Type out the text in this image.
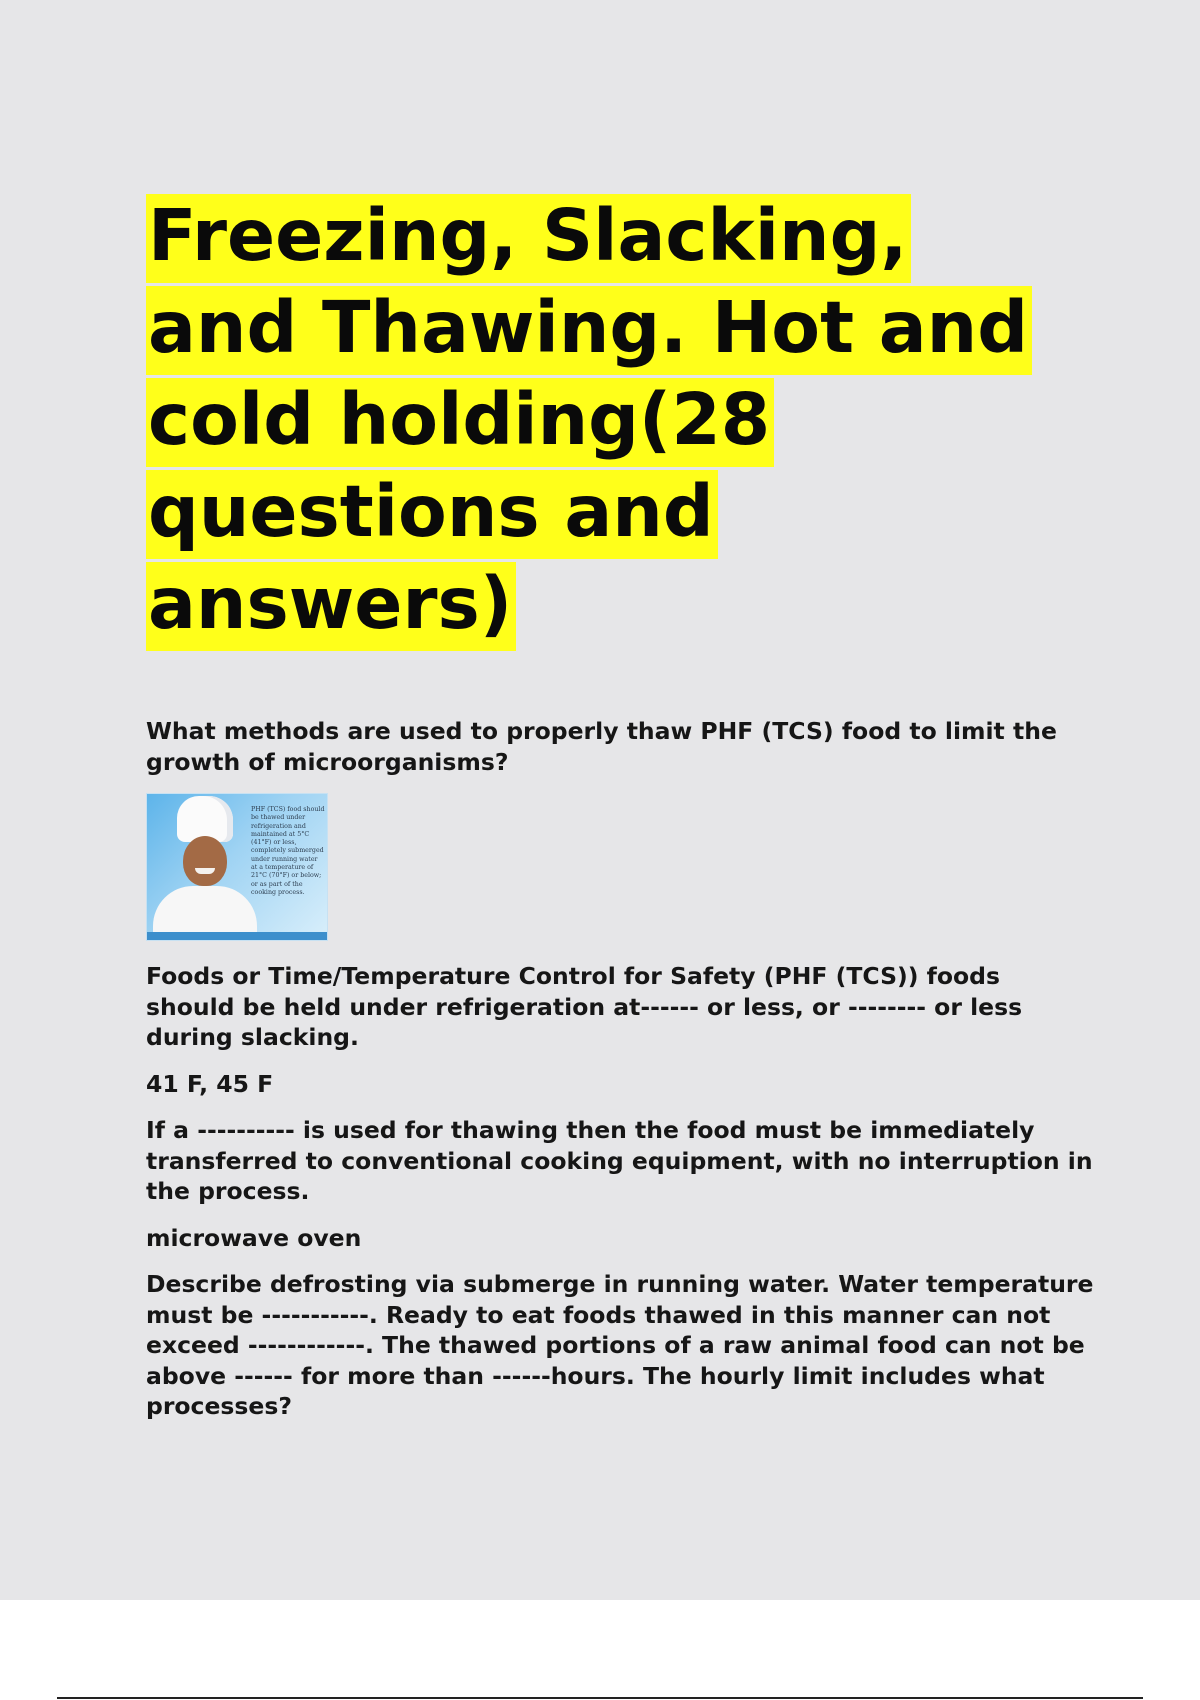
Freezing, Slacking,
and Thawing. Hot and
cold holding(28
questions and
answers)

What methods are used to properly thaw PHF (TCS) food to limit the growth of microorganisms?

PHF (TCS) food should be thawed under refrigeration and maintained at 5°C (41°F) or less, completely submerged under running water at a temperature of 21°C (70°F) or below; or as part of the cooking process.

Foods or Time/Temperature Control for Safety (PHF (TCS)) foods should be held under refrigeration at------ or less, or -------- or less during slacking.

41 F, 45 F

If a ---------- is used for thawing then the food must be immediately transferred to conventional cooking equipment, with no interruption in the process.

microwave oven

Describe defrosting via submerge in running water. Water temperature must be -----------. Ready to eat foods thawed in this manner can not exceed ------------. The thawed portions of a raw animal food can not be above ------ for more than ------hours. The hourly limit includes what processes?
